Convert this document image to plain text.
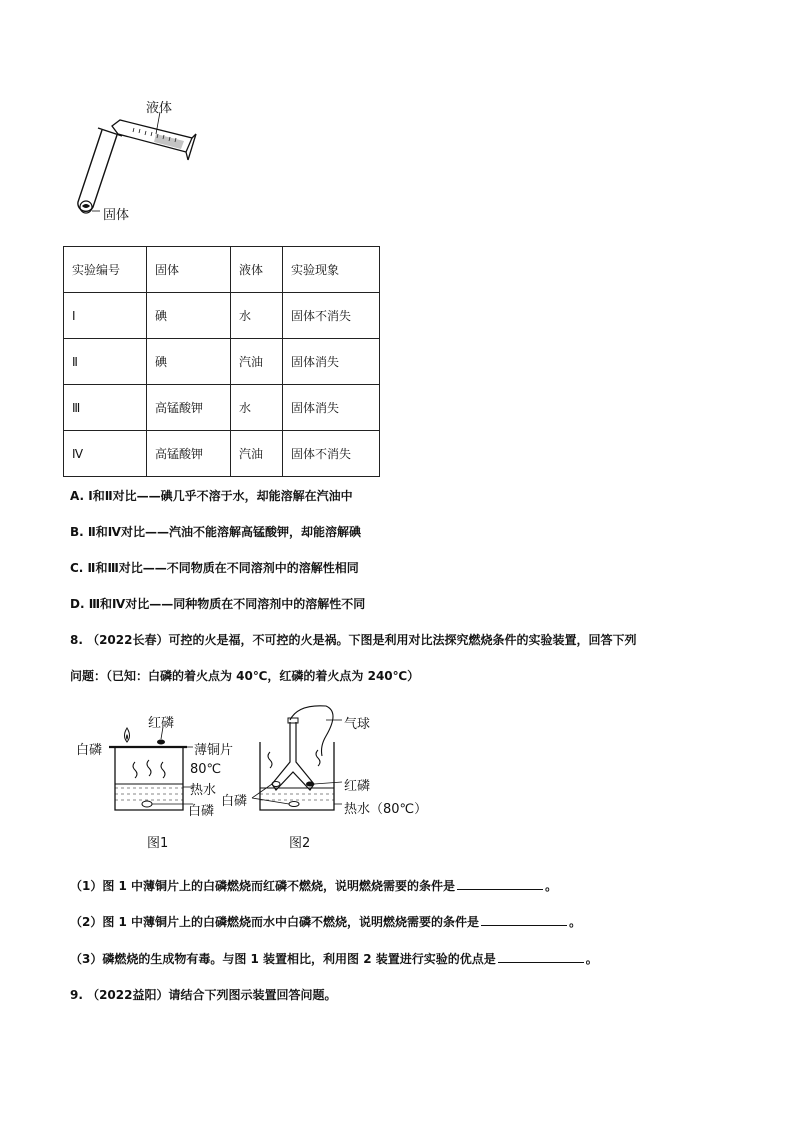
液体
固体
实验编号	固体	液体	实验现象
Ⅰ	碘	水	固体不消失
Ⅱ	碘	汽油	固体消失
Ⅲ	高锰酸钾	水	固体消失
Ⅳ	高锰酸钾	汽油	固体不消失
A. Ⅰ和Ⅱ对比——碘几乎不溶于水，却能溶解在汽油中
B. Ⅱ和Ⅳ对比——汽油不能溶解高锰酸钾，却能溶解碘
C. Ⅱ和Ⅲ对比——不同物质在不同溶剂中的溶解性相同
D. Ⅲ和Ⅳ对比——同种物质在不同溶剂中的溶解性不同
8. （2022长春）可控的火是福，不可控的火是祸。下图是利用对比法探究燃烧条件的实验装置，回答下列
问题：（已知：白磷的着火点为 40℃，红磷的着火点为 240℃）
红磷
白磷	薄铜片
80℃
热水
白磷
图1
气球
红磷
白磷
热水（80℃）
图2
（1）图 1 中薄铜片上的白磷燃烧而红磷不燃烧，说明燃烧需要的条件是	。
（2）图 1 中薄铜片上的白磷燃烧而水中白磷不燃烧，说明燃烧需要的条件是	。
（3）磷燃烧的生成物有毒。与图 1 装置相比，利用图 2 装置进行实验的优点是	。
9. （2022益阳）请结合下列图示装置回答问题。
